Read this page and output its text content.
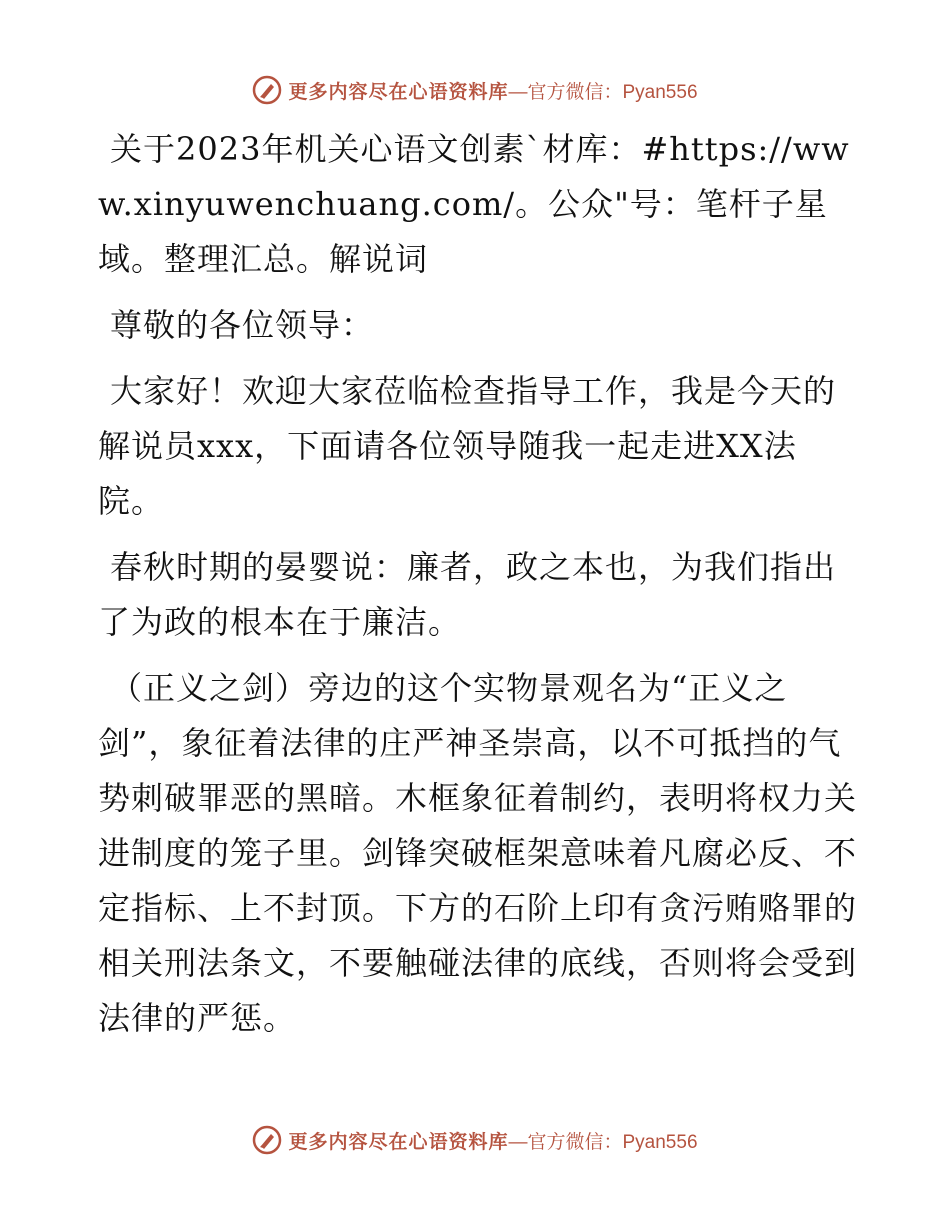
更多内容尽在心语资料库 —官方微信：Pyan556

关于2023年机关心语文创素`材库：#https://www.xinyuwenchuang.com/。公众"号：笔杆子星域。整理汇总。解说词

尊敬的各位领导：

大家好！欢迎大家莅临检查指导工作，我是今天的解说员xxx，下面请各位领导随我一起走进XX法院。

春秋时期的晏婴说：廉者，政之本也，为我们指出了为政的根本在于廉洁。

（正义之剑）旁边的这个实物景观名为“正义之剑”，象征着法律的庄严神圣崇高，以不可抵挡的气势刺破罪恶的黑暗。木框象征着制约，表明将权力关进制度的笼子里。剑锋突破框架意味着凡腐必反、不定指标、上不封顶。下方的石阶上印有贪污贿赂罪的相关刑法条文，不要触碰法律的底线，否则将会受到法律的严惩。

更多内容尽在心语资料库 —官方微信：Pyan556
